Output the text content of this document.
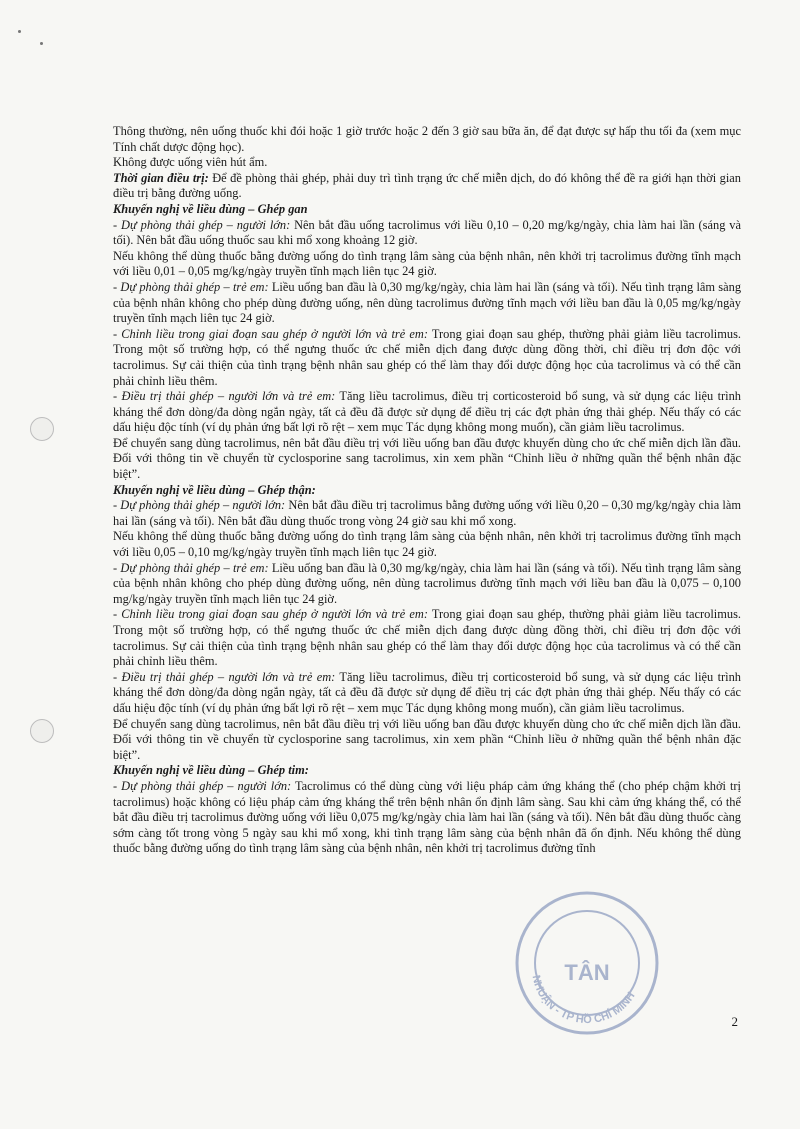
Thông thường, nên uống thuốc khi đói hoặc 1 giờ trước hoặc 2 đến 3 giờ sau bữa ăn, để đạt được sự hấp thu tối đa (xem mục Tính chất dược động học).

Không được uống viên hút ẩm.

Thời gian điều trị: Để đề phòng thải ghép, phải duy trì tình trạng ức chế miễn dịch, do đó không thể đề ra giới hạn thời gian điều trị bằng đường uống.

Khuyến nghị về liều dùng – Ghép gan

- Dự phòng thải ghép – người lớn: Nên bắt đầu uống tacrolimus với liều 0,10 – 0,20 mg/kg/ngày, chia làm hai lần (sáng và tối). Nên bắt đầu uống thuốc sau khi mổ xong khoảng 12 giờ.

Nếu không thể dùng thuốc bằng đường uống do tình trạng lâm sàng của bệnh nhân, nên khởi trị tacrolimus đường tĩnh mạch với liều 0,01 – 0,05 mg/kg/ngày truyền tĩnh mạch liên tục 24 giờ.

- Dự phòng thải ghép – trẻ em: Liều uống ban đầu là 0,30 mg/kg/ngày, chia làm hai lần (sáng và tối). Nếu tình trạng lâm sàng của bệnh nhân không cho phép dùng đường uống, nên dùng tacrolimus đường tĩnh mạch với liều ban đầu là 0,05 mg/kg/ngày truyền tĩnh mạch liên tục 24 giờ.

- Chỉnh liều trong giai đoạn sau ghép ở người lớn và trẻ em: Trong giai đoạn sau ghép, thường phải giảm liều tacrolimus. Trong một số trường hợp, có thể ngưng thuốc ức chế miễn dịch đang được dùng đồng thời, chỉ điều trị đơn độc với tacrolimus. Sự cải thiện của tình trạng bệnh nhân sau ghép có thể làm thay đổi dược động học của tacrolimus và có thể cần phải chỉnh liều thêm.

- Điều trị thải ghép – người lớn và trẻ em: Tăng liều tacrolimus, điều trị corticosteroid bổ sung, và sử dụng các liệu trình kháng thể đơn dòng/đa dòng ngắn ngày, tất cả đều đã được sử dụng để điều trị các đợt phản ứng thải ghép. Nếu thấy có các dấu hiệu độc tính (ví dụ phản ứng bất lợi rõ rệt – xem mục Tác dụng không mong muốn), cần giảm liều tacrolimus.

Để chuyển sang dùng tacrolimus, nên bắt đầu điều trị với liều uống ban đầu được khuyến dùng cho ức chế miễn dịch lần đầu. Đối với thông tin về chuyển từ cyclosporine sang tacrolimus, xin xem phần “Chỉnh liều ở những quần thể bệnh nhân đặc biệt”.

Khuyến nghị về liều dùng – Ghép thận:

- Dự phòng thải ghép – người lớn: Nên bắt đầu điều trị tacrolimus bằng đường uống với liều 0,20 – 0,30 mg/kg/ngày chia làm hai lần (sáng và tối). Nên bắt đầu dùng thuốc trong vòng 24 giờ sau khi mổ xong.

Nếu không thể dùng thuốc bằng đường uống do tình trạng lâm sàng của bệnh nhân, nên khởi trị tacrolimus đường tĩnh mạch với liều 0,05 – 0,10 mg/kg/ngày truyền tĩnh mạch liên tục 24 giờ.

- Dự phòng thải ghép – trẻ em: Liều uống ban đầu là 0,30 mg/kg/ngày, chia làm hai lần (sáng và tối). Nếu tình trạng lâm sàng của bệnh nhân không cho phép dùng đường uống, nên dùng tacrolimus đường tĩnh mạch với liều ban đầu là 0,075 – 0,100 mg/kg/ngày truyền tĩnh mạch liên tục 24 giờ.

- Chỉnh liều trong giai đoạn sau ghép ở người lớn và trẻ em: Trong giai đoạn sau ghép, thường phải giảm liều tacrolimus. Trong một số trường hợp, có thể ngưng thuốc ức chế miễn dịch đang được dùng đồng thời, chỉ điều trị đơn độc với tacrolimus. Sự cải thiện của tình trạng bệnh nhân sau ghép có thể làm thay đổi dược động học của tacrolimus và có thể cần phải chỉnh liều thêm.

- Điều trị thải ghép – người lớn và trẻ em: Tăng liều tacrolimus, điều trị corticosteroid bổ sung, và sử dụng các liệu trình kháng thể đơn dòng/đa dòng ngắn ngày, tất cả đều đã được sử dụng để điều trị các đợt phản ứng thải ghép. Nếu thấy có các dấu hiệu độc tính (ví dụ phản ứng bất lợi rõ rệt – xem mục Tác dụng không mong muốn), cần giảm liều tacrolimus.

Để chuyển sang dùng tacrolimus, nên bắt đầu điều trị với liều uống ban đầu được khuyến dùng cho ức chế miễn dịch lần đầu. Đối với thông tin về chuyển từ cyclosporine sang tacrolimus, xin xem phần “Chỉnh liều ở những quần thể bệnh nhân đặc biệt”.

Khuyến nghị về liều dùng – Ghép tim:

- Dự phòng thải ghép – người lớn: Tacrolimus có thể dùng cùng với liệu pháp cảm ứng kháng thể (cho phép chậm khởi trị tacrolimus) hoặc không có liệu pháp cảm ứng kháng thể trên bệnh nhân ổn định lâm sàng. Sau khi cảm ứng kháng thể, có thể bắt đầu điều trị tacrolimus đường uống với liều 0,075 mg/kg/ngày chia làm hai lần (sáng và tối). Nên bắt đầu dùng thuốc càng sớm càng tốt trong vòng 5 ngày sau khi mổ xong, khi tình trạng lâm sàng của bệnh nhân đã ổn định. Nếu không thể dùng thuốc bằng đường uống do tình trạng lâm sàng của bệnh nhân, nên khởi trị tacrolimus đường tĩnh

2
NHUẬN - TP HỒ CHÍ MINH
TÂN
